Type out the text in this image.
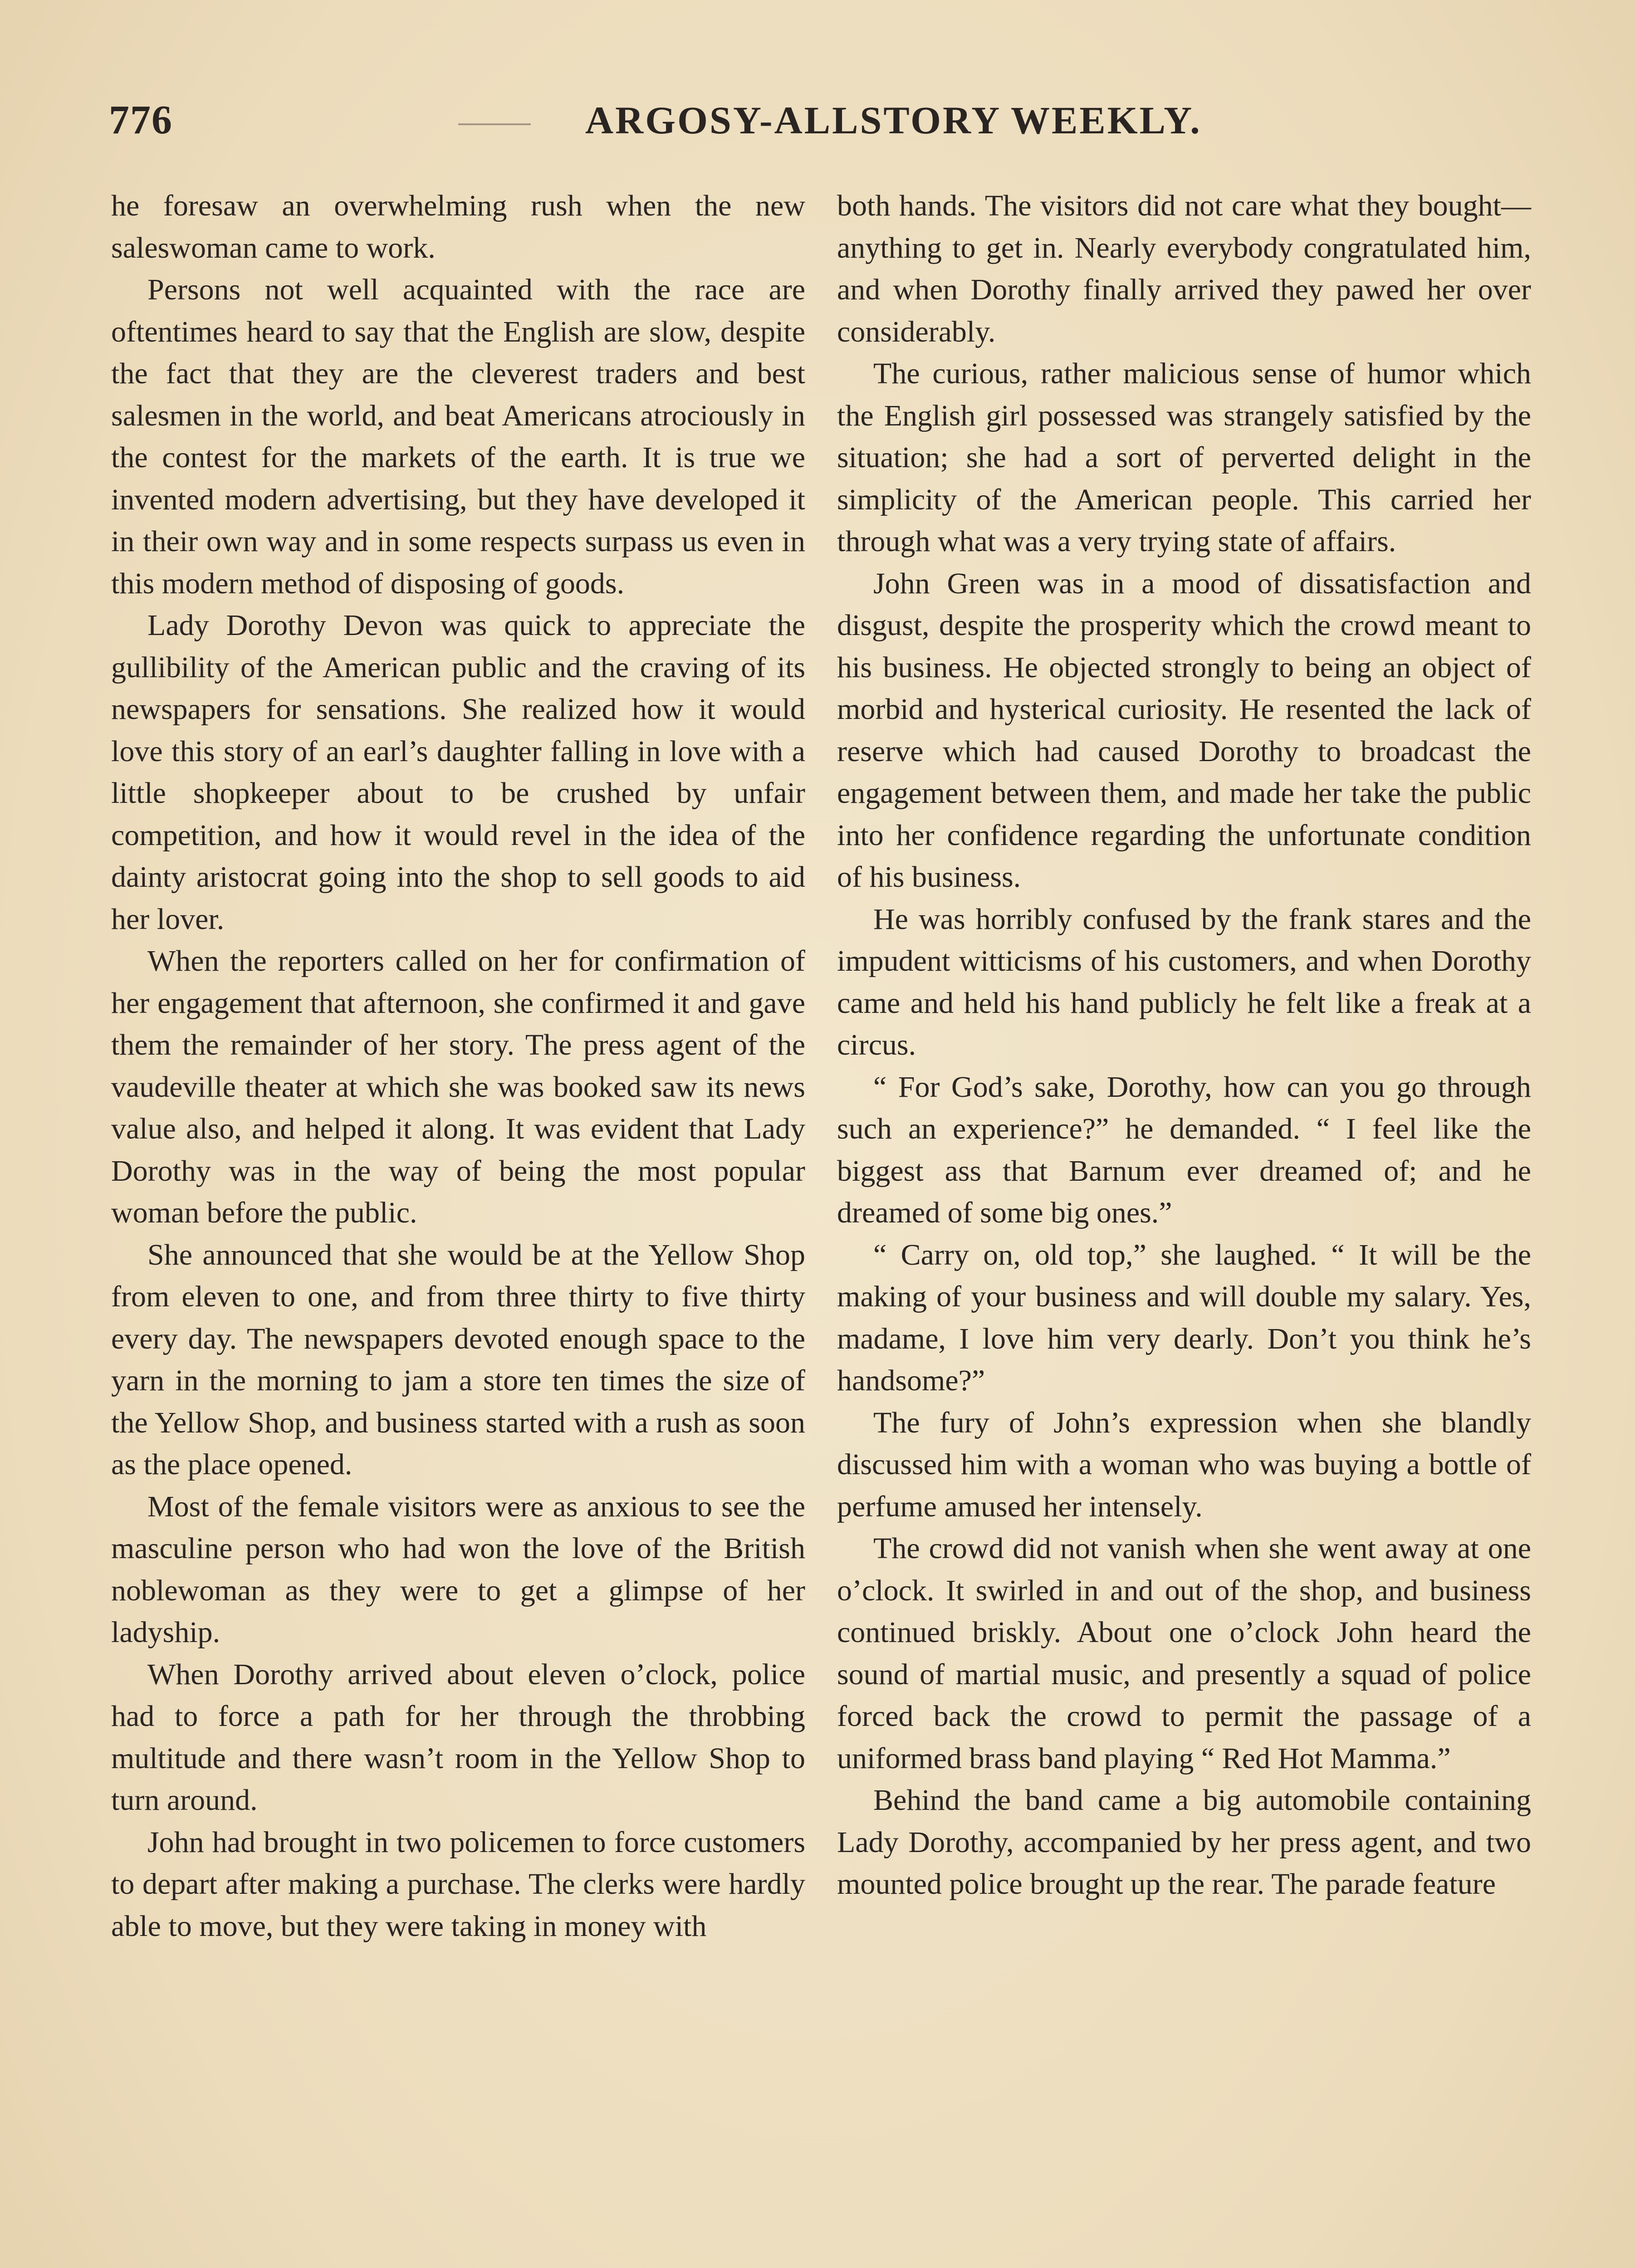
776	ARGOSY-ALLSTORY WEEKLY.

he foresaw an overwhelming rush when the new saleswoman came to work.

Persons not well acquainted with the race are oftentimes heard to say that the English are slow, despite the fact that they are the cleverest traders and best salesmen in the world, and beat Americans atrociously in the contest for the markets of the earth. It is true we invented modern advertising, but they have developed it in their own way and in some respects surpass us even in this modern method of disposing of goods.

Lady Dorothy Devon was quick to appreciate the gullibility of the American public and the craving of its newspapers for sensations. She realized how it would love this story of an earl’s daughter falling in love with a little shopkeeper about to be crushed by unfair competition, and how it would revel in the idea of the dainty aristocrat going into the shop to sell goods to aid her lover.

When the reporters called on her for confirmation of her engagement that afternoon, she confirmed it and gave them the remainder of her story. The press agent of the vaudeville theater at which she was booked saw its news value also, and helped it along. It was evident that Lady Dorothy was in the way of being the most popular woman before the public.

She announced that she would be at the Yellow Shop from eleven to one, and from three thirty to five thirty every day. The newspapers devoted enough space to the yarn in the morning to jam a store ten times the size of the Yellow Shop, and business started with a rush as soon as the place opened.

Most of the female visitors were as anxious to see the masculine person who had won the love of the British noblewoman as they were to get a glimpse of her ladyship.

When Dorothy arrived about eleven o’clock, police had to force a path for her through the throbbing multitude and there wasn’t room in the Yellow Shop to turn around.

John had brought in two policemen to force customers to depart after making a purchase. The clerks were hardly able to move, but they were taking in money with

both hands. The visitors did not care what they bought—anything to get in. Nearly everybody congratulated him, and when Dorothy finally arrived they pawed her over considerably.

The curious, rather malicious sense of humor which the English girl possessed was strangely satisfied by the situation; she had a sort of perverted delight in the simplicity of the American people. This carried her through what was a very trying state of affairs.

John Green was in a mood of dissatisfaction and disgust, despite the prosperity which the crowd meant to his business. He objected strongly to being an object of morbid and hysterical curiosity. He resented the lack of reserve which had caused Dorothy to broadcast the engagement between them, and made her take the public into her confidence regarding the unfortunate condition of his business.

He was horribly confused by the frank stares and the impudent witticisms of his customers, and when Dorothy came and held his hand publicly he felt like a freak at a circus.

“ For God’s sake, Dorothy, how can you go through such an experience?” he demanded. “ I feel like the biggest ass that Barnum ever dreamed of; and he dreamed of some big ones.”

“ Carry on, old top,” she laughed. “ It will be the making of your business and will double my salary. Yes, madame, I love him very dearly. Don’t you think he’s handsome?”

The fury of John’s expression when she blandly discussed him with a woman who was buying a bottle of perfume amused her intensely.

The crowd did not vanish when she went away at one o’clock. It swirled in and out of the shop, and business continued briskly. About one o’clock John heard the sound of martial music, and presently a squad of police forced back the crowd to permit the passage of a uniformed brass band playing “ Red Hot Mamma.”

Behind the band came a big automobile containing Lady Dorothy, accompanied by her press agent, and two mounted police brought up the rear. The parade feature
